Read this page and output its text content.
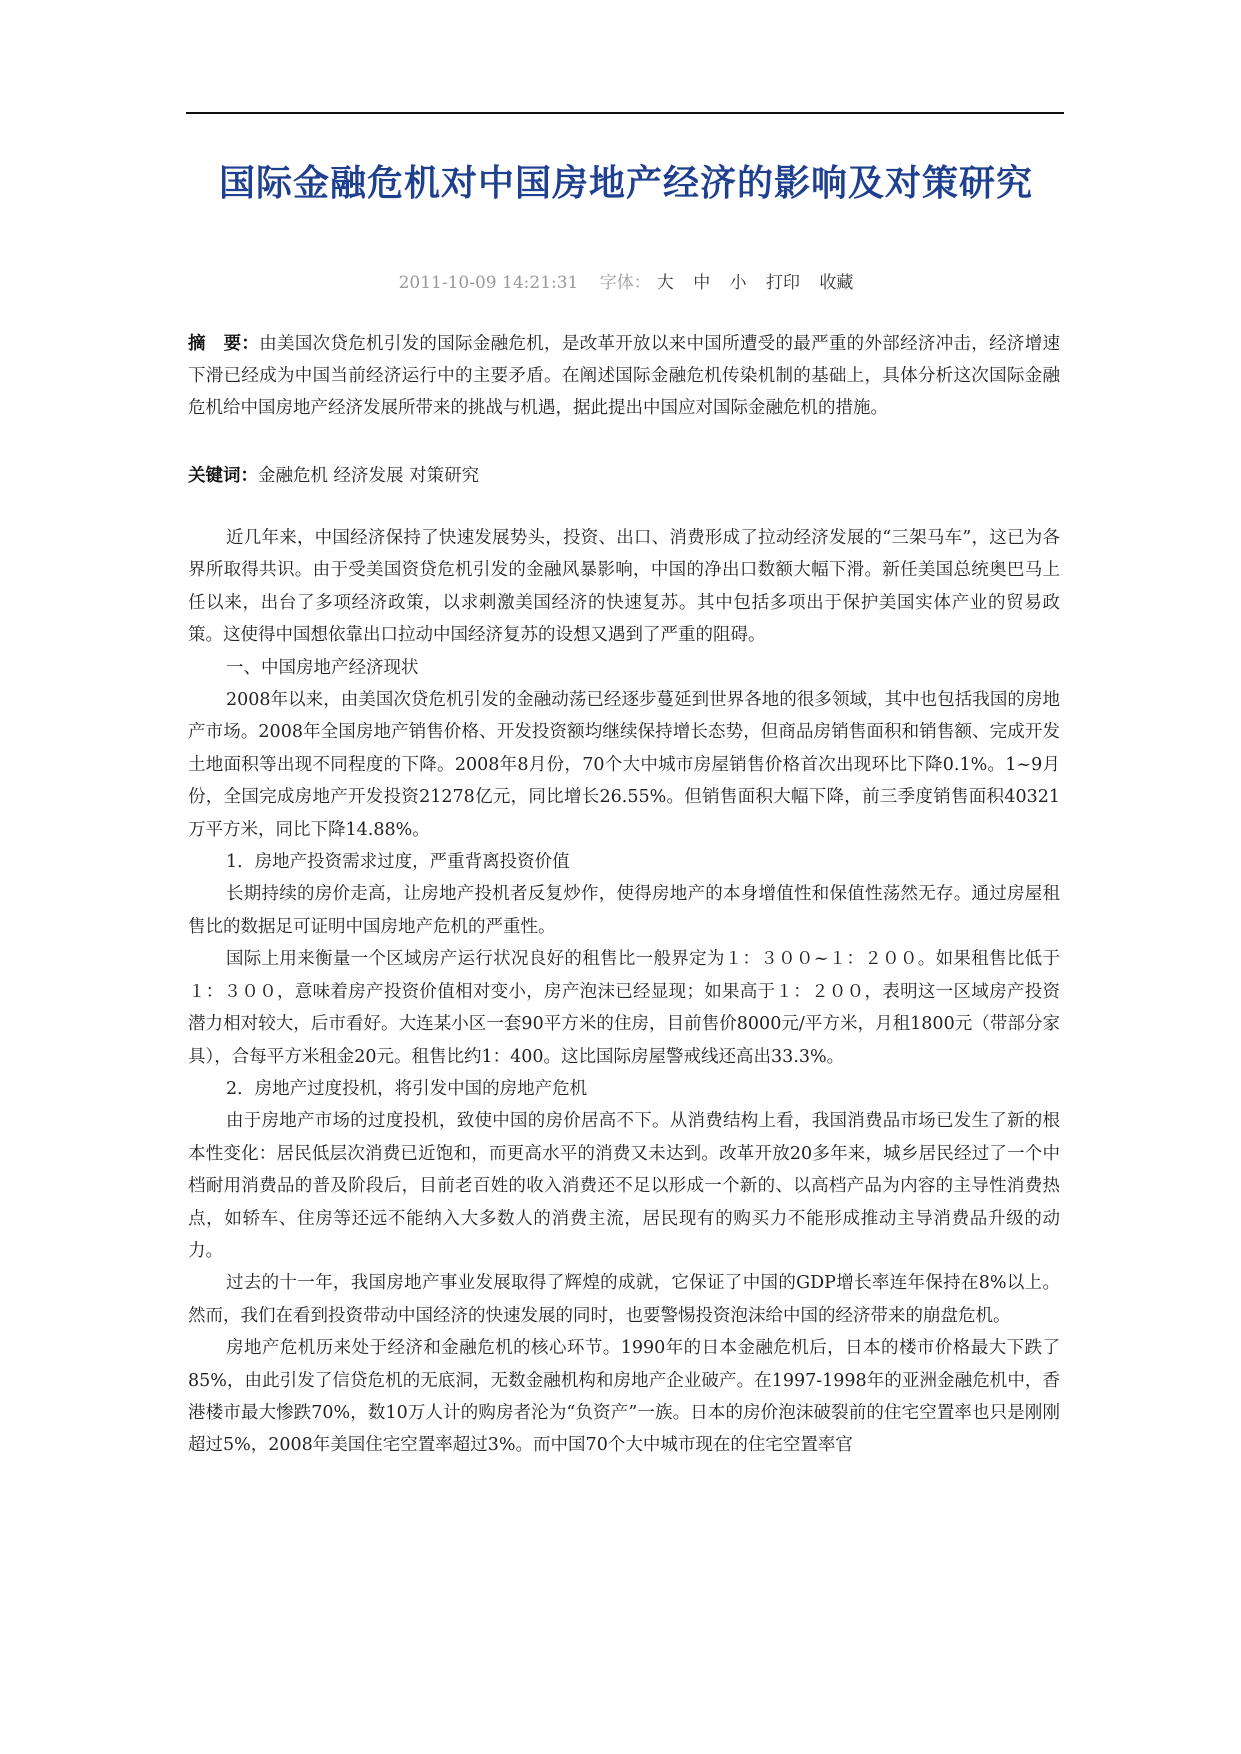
国际金融危机对中国房地产经济的影响及对策研究
2011-10-09 14:21:31 字体： 大 中 小 打印 收藏
摘　要：由美国次贷危机引发的国际金融危机，是改革开放以来中国所遭受的最严重的外部经济冲击，经济增速下滑已经成为中国当前经济运行中的主要矛盾。在阐述国际金融危机传染机制的基础上，具体分析这次国际金融危机给中国房地产经济发展所带来的挑战与机遇，据此提出中国应对国际金融危机的措施。
关键词：金融危机 经济发展 对策研究

近几年来，中国经济保持了快速发展势头，投资、出口、消费形成了拉动经济发展的“三架马车”，这已为各界所取得共识。由于受美国资贷危机引发的金融风暴影响，中国的净出口数额大幅下滑。新任美国总统奥巴马上任以来，出台了多项经济政策，以求刺激美国经济的快速复苏。其中包括多项出于保护美国实体产业的贸易政策。这使得中国想依靠出口拉动中国经济复苏的设想又遇到了严重的阻碍。

一、中国房地产经济现状

2008年以来，由美国次贷危机引发的金融动荡已经逐步蔓延到世界各地的很多领域，其中也包括我国的房地产市场。2008年全国房地产销售价格、开发投资额均继续保持增长态势，但商品房销售面积和销售额、完成开发土地面积等出现不同程度的下降。2008年8月份，70个大中城市房屋销售价格首次出现环比下降0.1%。1~9月份，全国完成房地产开发投资21278亿元，同比增长26.55%。但销售面积大幅下降，前三季度销售面积40321万平方米，同比下降14.88%。

1．房地产投资需求过度，严重背离投资价值

长期持续的房价走高，让房地产投机者反复炒作，使得房地产的本身增值性和保值性荡然无存。通过房屋租售比的数据足可证明中国房地产危机的严重性。

国际上用来衡量一个区域房产运行状况良好的租售比一般界定为１：３００~１：２００。如果租售比低于１：３００，意味着房产投资价值相对变小，房产泡沫已经显现；如果高于１：２００，表明这一区域房产投资潜力相对较大，后市看好。大连某小区一套90平方米的住房，目前售价8000元/平方米，月租1800元（带部分家具），合每平方米租金20元。租售比约1：400。这比国际房屋警戒线还高出33.3%。

2．房地产过度投机，将引发中国的房地产危机

由于房地产市场的过度投机，致使中国的房价居高不下。从消费结构上看，我国消费品市场已发生了新的根本性变化：居民低层次消费已近饱和，而更高水平的消费又未达到。改革开放20多年来，城乡居民经过了一个中档耐用消费品的普及阶段后，目前老百姓的收入消费还不足以形成一个新的、以高档产品为内容的主导性消费热点，如轿车、住房等还远不能纳入大多数人的消费主流，居民现有的购买力不能形成推动主导消费品升级的动力。

过去的十一年，我国房地产事业发展取得了辉煌的成就，它保证了中国的GDP增长率连年保持在8%以上。然而，我们在看到投资带动中国经济的快速发展的同时，也要警惕投资泡沫给中国的经济带来的崩盘危机。

房地产危机历来处于经济和金融危机的核心环节。1990年的日本金融危机后，日本的楼市价格最大下跌了85%，由此引发了信贷危机的无底洞，无数金融机构和房地产企业破产。在1997-1998年的亚洲金融危机中，香港楼市最大惨跌70%，数10万人计的购房者沦为“负资产”一族。日本的房价泡沫破裂前的住宅空置率也只是刚刚超过5%，2008年美国住宅空置率超过3%。而中国70个大中城市现在的住宅空置率官
